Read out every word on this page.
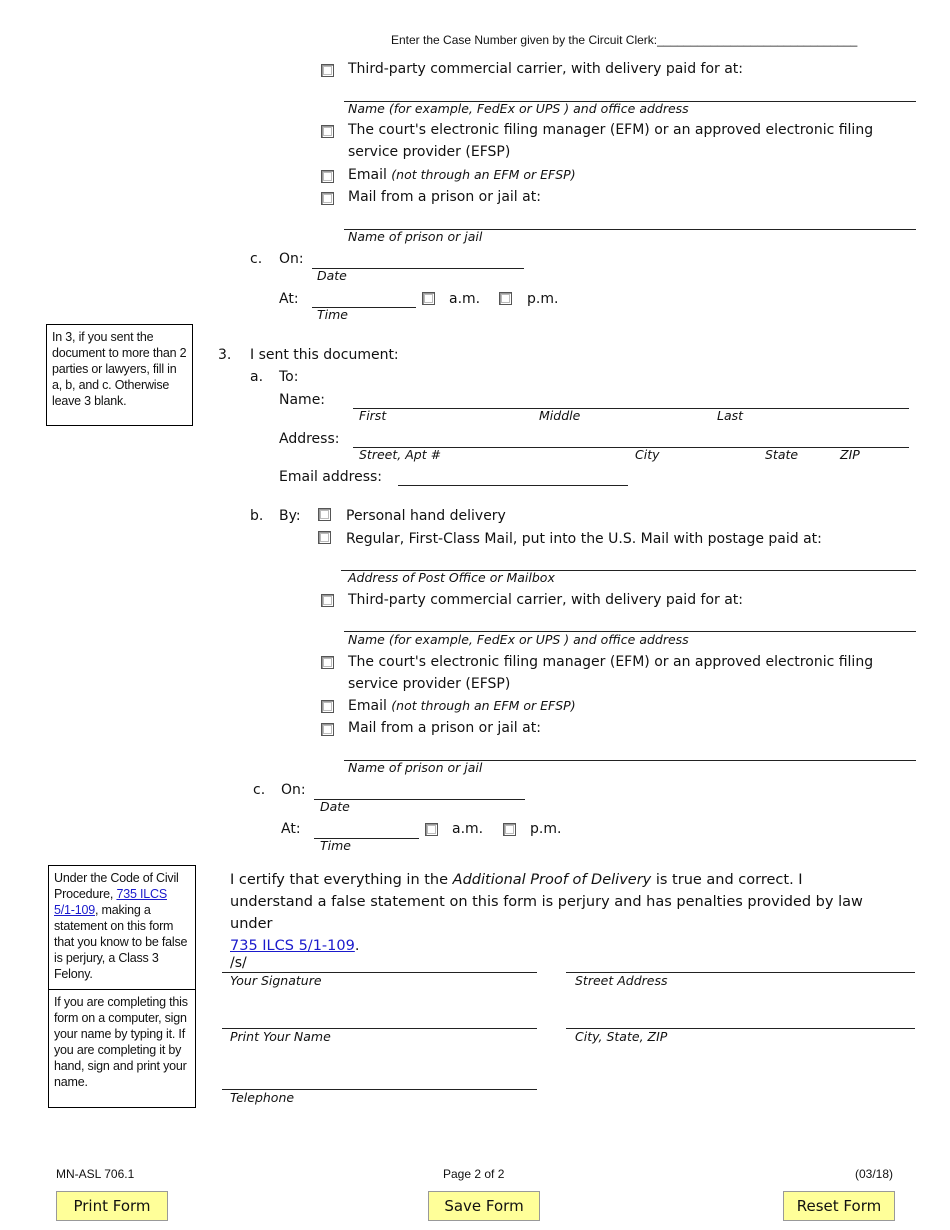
Enter the Case Number given by the Circuit Clerk:______________________________
Third-party commercial carrier, with delivery paid for at:
Name (for example, FedEx or UPS ) and office address
The court's electronic filing manager (EFM) or an approved electronic filing
service provider (EFSP)
Email (not through an EFM or EFSP)
Mail from a prison or jail at:
Name of prison or jail
c. On:
Date
At:
Time
a.m.	p.m.
In 3, if you sent the document to more than 2 parties or lawyers, fill in a, b, and c. Otherwise leave 3 blank.
3. I sent this document:
a. To:
Name:
First	Middle	Last
Address:
Street, Apt #	City	State	ZIP
Email address:
b. By:	Personal hand delivery
Regular, First-Class Mail, put into the U.S. Mail with postage paid at:
Address of Post Office or Mailbox
Third-party commercial carrier, with delivery paid for at:
Name (for example, FedEx or UPS ) and office address
The court's electronic filing manager (EFM) or an approved electronic filing
service provider (EFSP)
Email (not through an EFM or EFSP)
Mail from a prison or jail at:
Name of prison or jail
c. On:
Date
At:
Time
a.m.	p.m.
Under the Code of Civil Procedure, 735 ILCS 5/1-109, making a statement on this form that you know to be false is perjury, a Class 3 Felony.
If you are completing this form on a computer, sign your name by typing it. If you are completing it by hand, sign and print your name.
I certify that everything in the Additional Proof of Delivery is true and correct. I understand a false statement on this form is perjury and has penalties provided by law under
735 ILCS 5/1-109.
/s/
Your Signature	Street Address
Print Your Name	City, State, ZIP
Telephone
MN-ASL 706.1	Page 2 of 2	(03/18)
Print Form	Save Form	Reset Form
